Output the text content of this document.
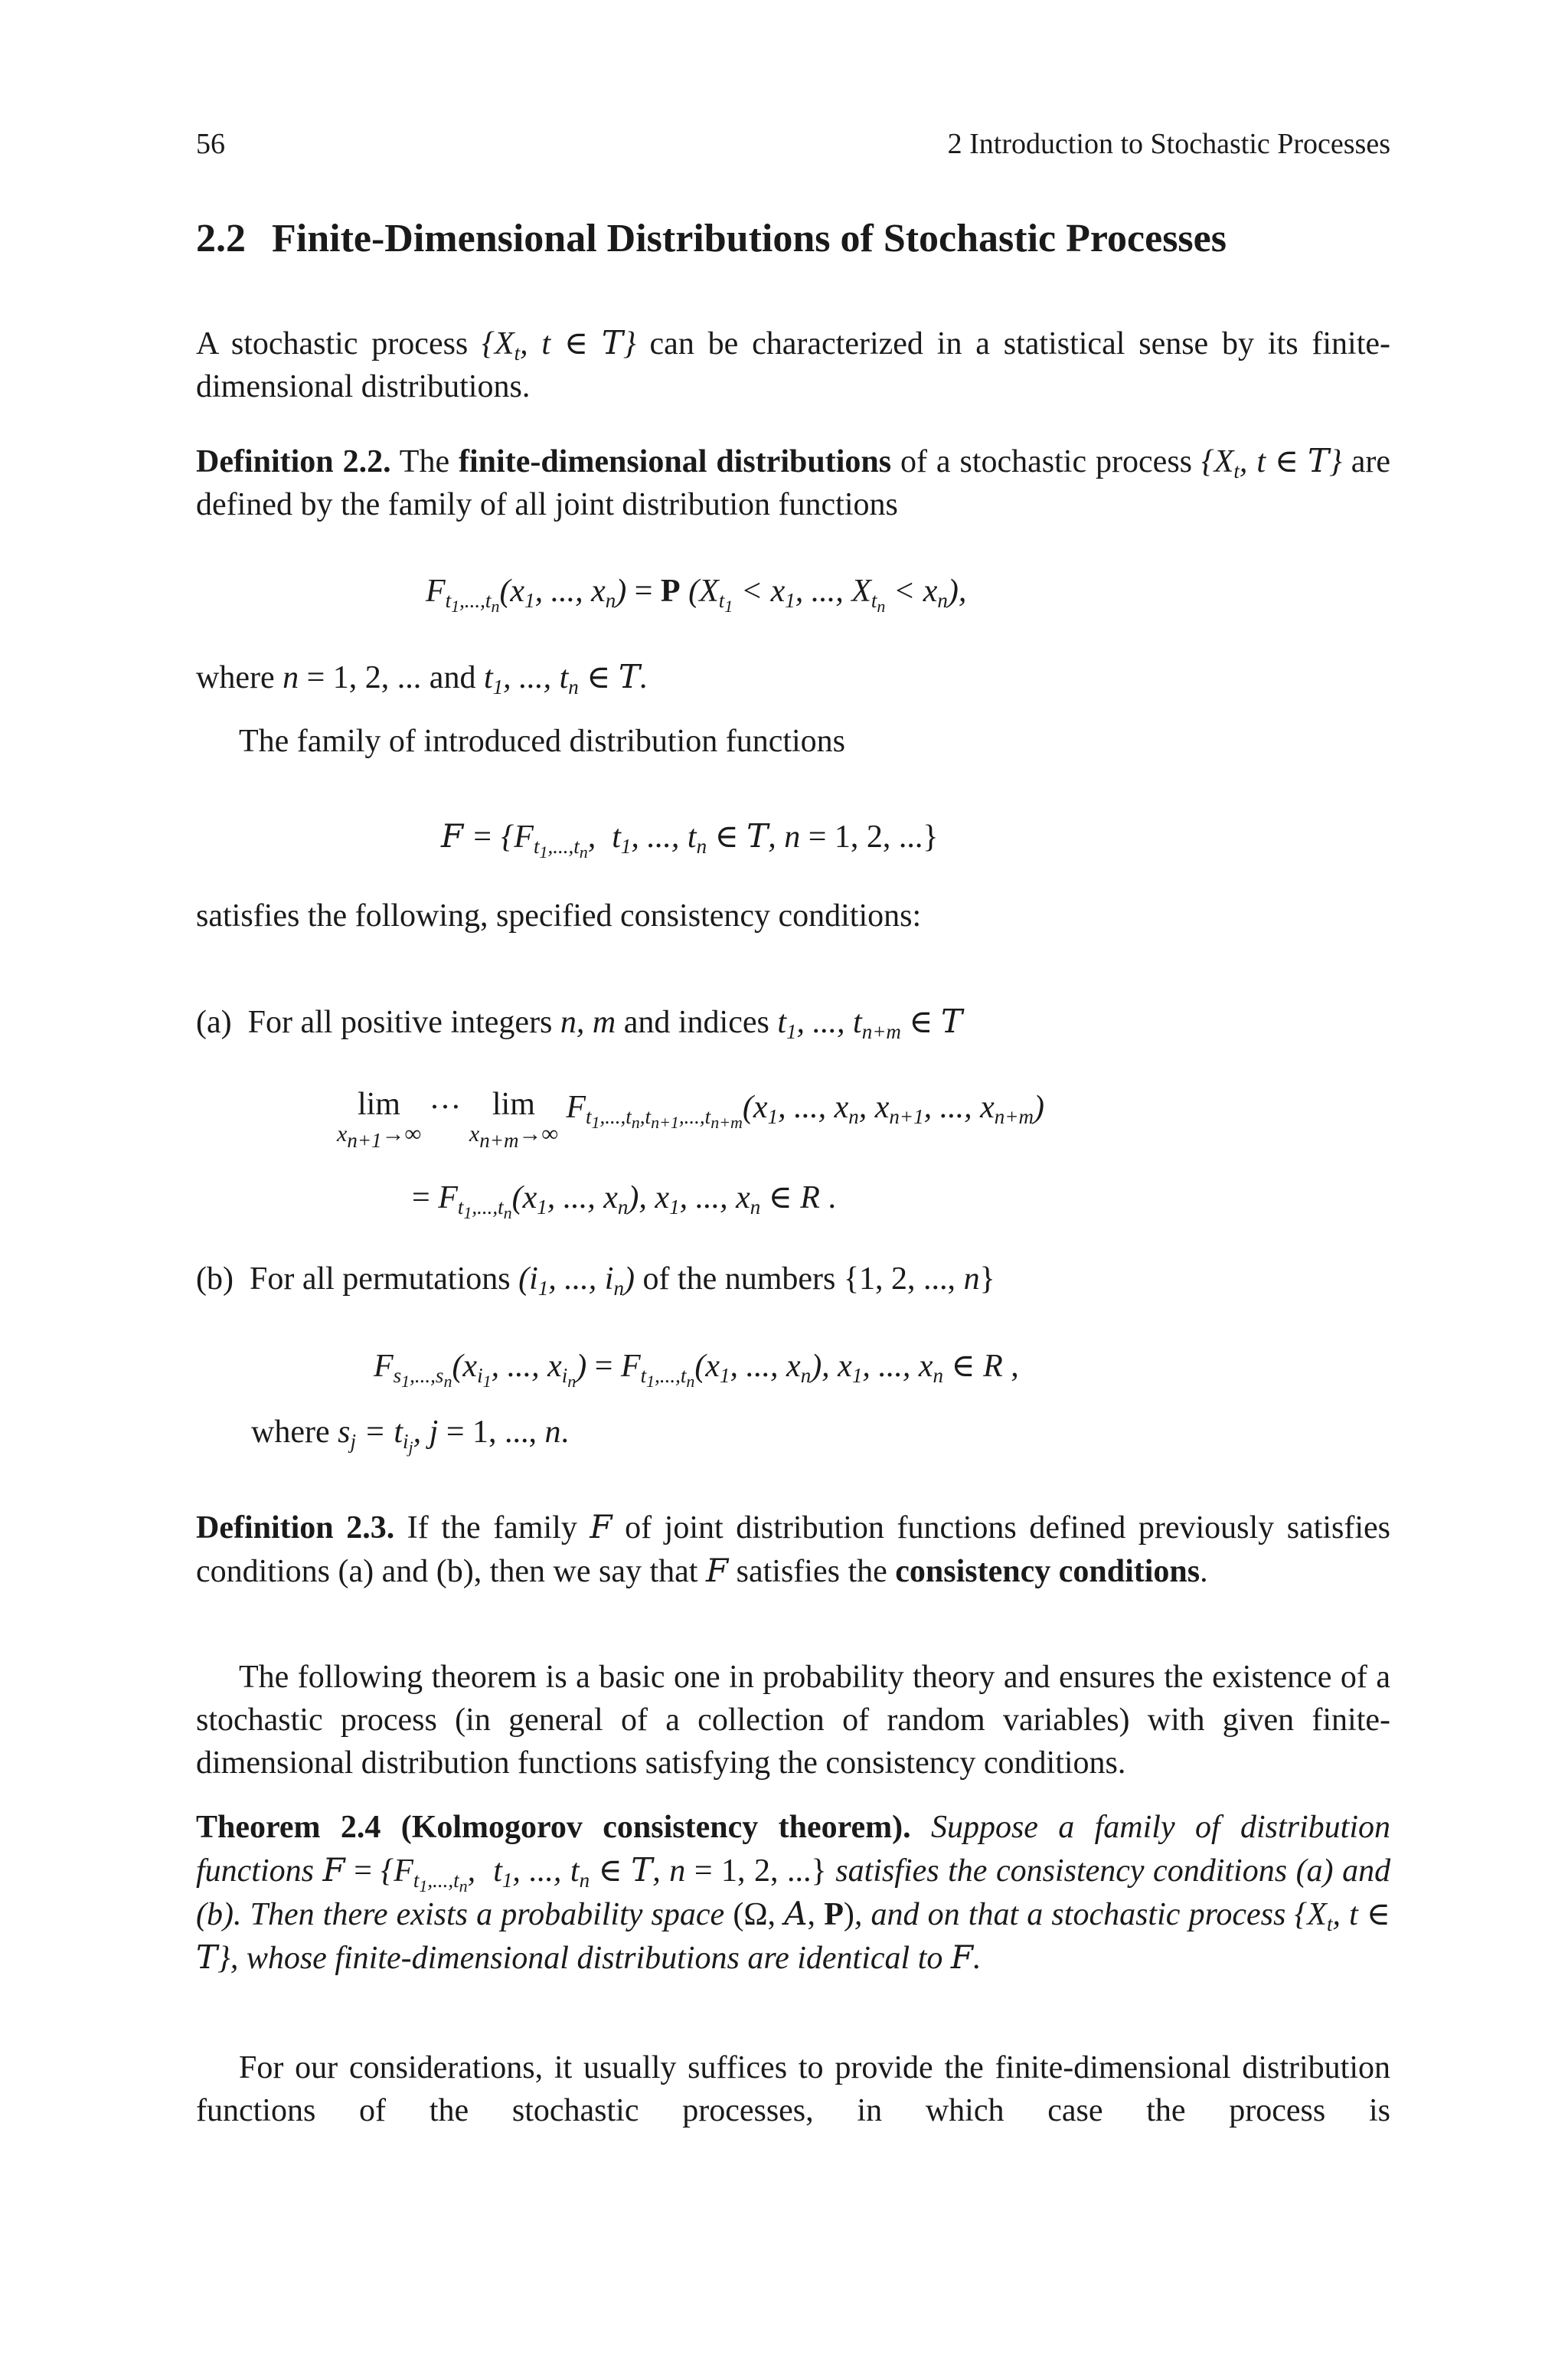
56	2 Introduction to Stochastic Processes
2.2 Finite-Dimensional Distributions of Stochastic Processes

A stochastic process {$X_t$, t ∈ T} can be characterized in a statistical sense by its finite-dimensional distributions.

Definition 2.2. The finite-dimensional distributions of a stochastic process {$X_t$, t ∈ T} are defined by the family of all joint distribution functions

$F_{t_1,...,t_n}(x_1$, ..., $x_n) = P$ ($X_{t_1} < x_1$, ..., $X_{t_n} < x_n$),

where n = 1, 2, ... and $t_1$, ..., $t_n$ ∈ T.

The family of introduced distribution functions

$F = \{F_{t_1,...,t_n}$,  $t_1$, ..., $t_n$ ∈ T, n = 1, 2, ...}

satisfies the following, specified consistency conditions:

(a) For all positive integers n, m and indices $t_1$, ..., $t_{n+m}$ ∈ T
lim
$x_{n+1}\to\infty$
··· lim
$x_{n+m}\to\infty$
$F_{t_1,...,t_n,t_{n+1},...,t_{n+m}}(x_1$, ..., $x_n$, $x_{n+1}$, ..., $x_{n+m}$)
= $F_{t_1,...,t_n}(x_1$, ..., $x_n$), $x_1$, ..., $x_n$ ∈ R .
(b) For all permutations ($i_1$, ..., $i_n$) of the numbers {1, 2, ..., n}
$F_{s_1,...,s_n}(x_{i_1}$, ..., $x_{i_n}) = F_{t_1,...,t_n}(x_1$, ..., $x_n$), $x_1$, ..., $x_n$ ∈ R ,
where $s_j = t_{i_j}$, j = 1, ..., n.

Definition 2.3. If the family F of joint distribution functions defined previously satisfies conditions (a) and (b), then we say that F satisfies the consistency conditions.

The following theorem is a basic one in probability theory and ensures the existence of a stochastic process (in general of a collection of random variables) with given finite-dimensional distribution functions satisfying the consistency conditions.

Theorem 2.4 (Kolmogorov consistency theorem). Suppose a family of distribution functions $F = \{F_{t_1,...,t_n}$,  $t_1$, ..., $t_n$ ∈ T, n = 1, 2, ...} satisfies the consistency conditions (a) and (b). Then there exists a probability space (Ω, A, P), and on that a stochastic process {$X_t$, t ∈ T}, whose finite-dimensional distributions are identical to F.

For our considerations, it usually suffices to provide the finite-dimensional distribution functions of the stochastic processes, in which case the process is
